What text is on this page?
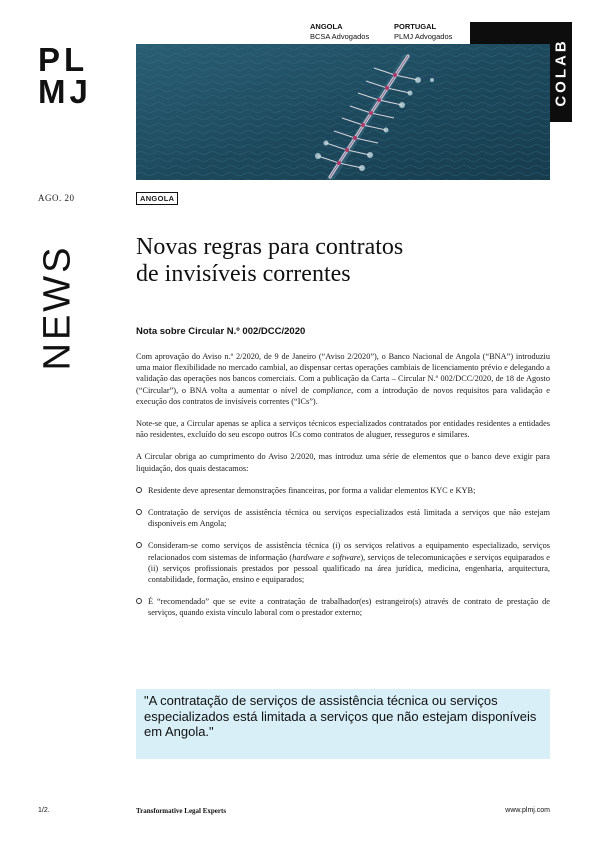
PL
MJ
ANGOLA
BCSA Advogados
PORTUGAL
PLMJ Advogados
COLAB
AGO. 20	ANGOLA
NEWS Novas regras para contratos
de invisíveis correntes
Nota sobre Circular N.º 002/DCC/2020

Com aprovação do Aviso n.º 2/2020, de 9 de Janeiro (“Aviso 2/2020”), o Banco Nacional de Angola (“BNA”) introduziu uma maior flexibilidade no mercado cambial, ao dispensar certas operações cambiais de licenciamento prévio e delegando a validação das operações nos bancos comerciais. Com a publicação da Carta – Circular N.º 002/DCC/2020, de 18 de Agosto (“Circular”), o BNA volta a aumentar o nível de compliance, com a introdução de novos requisitos para validação e execução dos contratos de invisíveis correntes (“ICs”).

Note-se que, a Circular apenas se aplica a serviços técnicos especializados contratados por entidades residentes a entidades não residentes, excluído do seu escopo outros ICs como contratos de aluguer, resseguros e similares.

A Circular obriga ao cumprimento do Aviso 2/2020, mas introduz uma série de elementos que o banco deve exigir para liquidação, dos quais destacamos:

Residente deve apresentar demonstrações financeiras, por forma a validar elementos KYC e KYB;
Contratação de serviços de assistência técnica ou serviços especializados está limitada a serviços que não estejam disponíveis em Angola;
Consideram-se como serviços de assistência técnica (i) os serviços relativos a equipamento especializado, serviços relacionados com sistemas de informação (hardware e software), serviços de telecomunicações e serviços equiparados e (ii) serviços profissionais prestados por pessoal qualificado na área jurídica, medicina, engenharia, arquitectura, contabilidade, formação, ensino e equiparados;
É “recomendado” que se evite a contratação de trabalhador(es) estrangeiro(s) através de contrato de prestação de serviços, quando exista vínculo laboral com o prestador externo;
"A contratação de serviços de assistência técnica ou serviços especializados está limitada a serviços que não estejam disponíveis em Angola."
1/2.	Transformative Legal Experts	www.plmj.com
